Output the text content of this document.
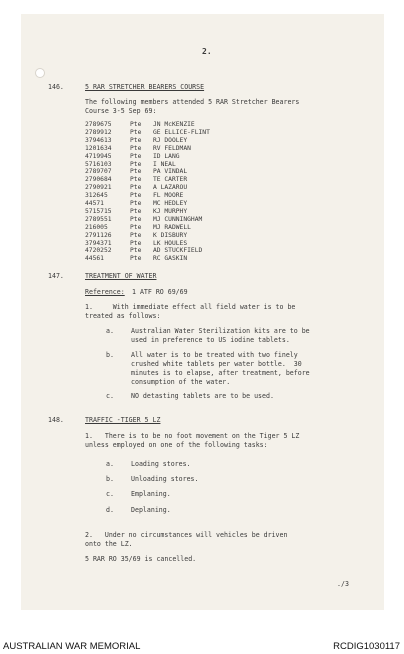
2.
146.	5 RAR STRETCHER BEARERS COURSE
The following members attended 5 RAR Stretcher Bearers
Course 3-5 Sep 69:
2789675	Pte JN McKENZIE
2789912	Pte GE ELLICE-FLINT
3794613	Pte RJ DOOLEY
1201634	Pte RV FELDMAN
4719945	Pte ID LANG
5716103	Pte I NEAL
2789707	Pte PA VINDAL
2790684	Pte TE CARTER
2790921	Pte A LAZAROU
312645	Pte FL MOORE
44571	Pte MC HEDLEY
5715715	Pte KJ MURPHY
2789551	Pte MJ CUNNINGHAM
216005	Pte MJ RADWELL
2791126	Pte K DISBURY
3794371	Pte LK HOULES
4720252	Pte AD STUCKFIELD
44561	Pte RC GASKIN
147.	TREATMENT OF WATER
Reference: 1 ATF RO 69/69
1.     With immediate effect all field water is to be
treated as follows:
a.	Australian Water Sterilization kits are to be
used in preference to US iodine tablets.
b.	All water is to be treated with two finely
crushed white tablets per water bottle.  30
minutes is to elapse, after treatment, before
consumption of the water.
c.	NO detasting tablets are to be used.
148.	TRAFFIC -TIGER 5 LZ
1.   There is to be no foot movement on the Tiger 5 LZ
unless employed on one of the following tasks:
a.	Loading stores.
b.	Unloading stores.
c.	Emplaning.
d.	Deplaning.
2.   Under no circumstances will vehicles be driven
onto the LZ.
5 RAR RO 35/69 is cancelled.
./3
AUSTRALIAN WAR MEMORIAL	RCDIG1030117
